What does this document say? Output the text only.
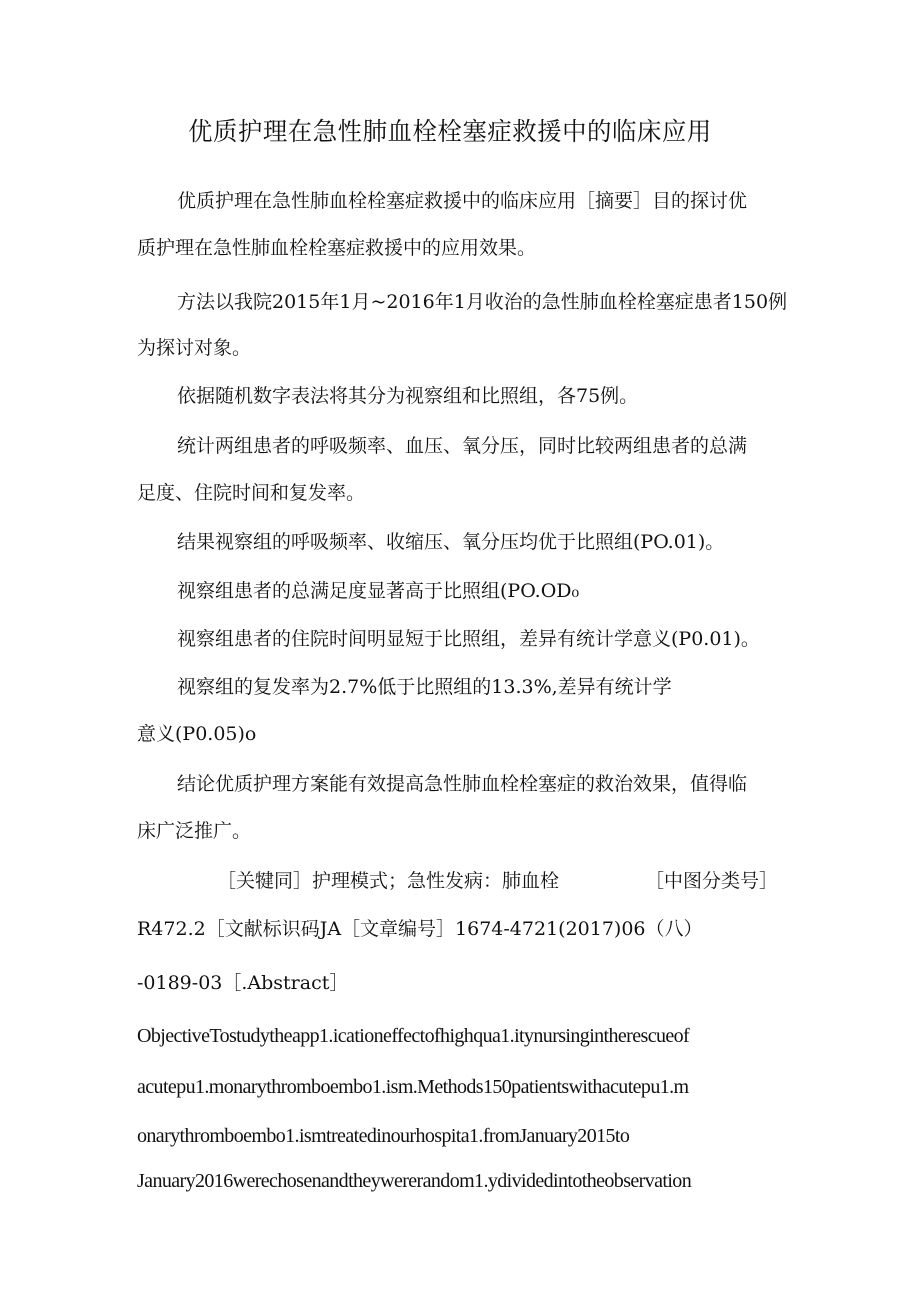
优质护理在急性肺血栓栓塞症救援中的临床应用
优质护理在急性肺血栓栓塞症救援中的临床应用［摘要］目的探讨优
质护理在急性肺血栓栓塞症救援中的应用效果。
方法以我院2015年1月~2016年1月收治的急性肺血栓栓塞症患者150例
为探讨对象。
依据随机数字表法将其分为视察组和比照组，各75例。
统计两组患者的呼吸频率、血压、氧分压，同时比较两组患者的总满
足度、住院时间和复发率。
结果视察组的呼吸频率、收缩压、氧分压均优于比照组(PO.01)。
视察组患者的总满足度显著高于比照组(PO.OD₀
视察组患者的住院时间明显短于比照组，差异有统计学意义(P0.01)。
视察组的复发率为2.7%低于比照组的13.3%,差异有统计学
意义(P0.05)o
结论优质护理方案能有效提高急性肺血栓栓塞症的救治效果，值得临
床广泛推广。
［关犍同］护理模式；急性发病：肺血栓	［中图分类号］
R472.2［文献标识码JA［文章编号］1674-4721(2017)06（八）
-0189-03［.Abstract］
ObjectiveTostudytheapp1.icationeffectofhighqua1.itynursingintherescueof
acutepu1.monarythromboembo1.ism.Methods150patientswithacutepu1.m
onarythromboembo1.ismtreatedinourhospita1.fromJanuary2015to
January2016werechosenandtheywererandom1.ydividedintotheobservation
